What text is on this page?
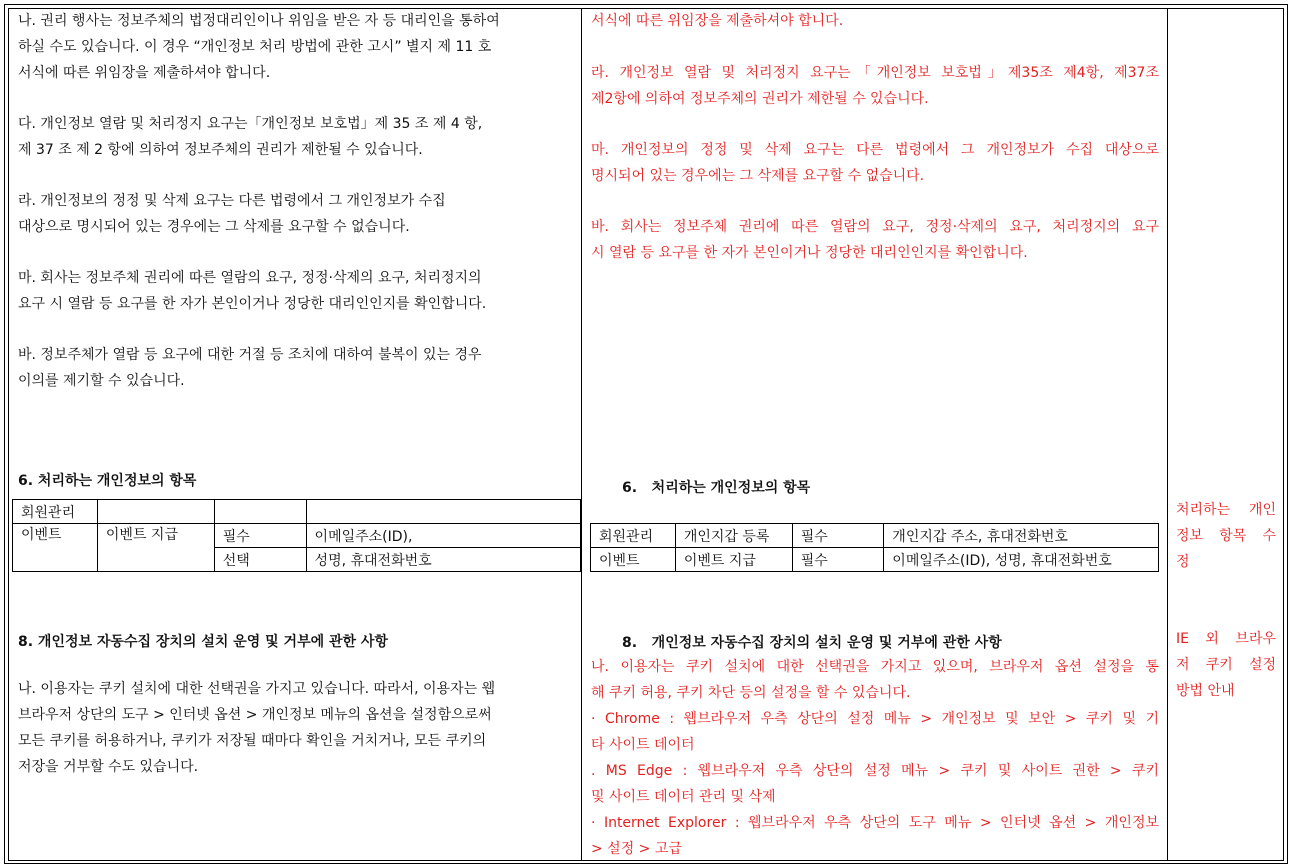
나. 권리 행사는 정보주체의 법정대리인이나 위임을 받은 자 등 대리인을 통하여

하실 수도 있습니다. 이 경우 “개인정보 처리 방법에 관한 고시” 별지 제 11 호

서식에 따른 위임장을 제출하셔야 합니다.

다. 개인정보 열람 및 처리정지 요구는「개인정보 보호법」제 35 조 제 4 항,

제 37 조 제 2 항에 의하여 정보주체의 권리가 제한될 수 있습니다.

라. 개인정보의 정정 및 삭제 요구는 다른 법령에서 그 개인정보가 수집

대상으로 명시되어 있는 경우에는 그 삭제를 요구할 수 없습니다.

마. 회사는 정보주체 권리에 따른 열람의 요구, 정정·삭제의 요구, 처리정지의

요구 시 열람 등 요구를 한 자가 본인이거나 정당한 대리인인지를 확인합니다.

바. 정보주체가 열람 등 요구에 대한 거절 등 조치에 대하여 불복이 있는 경우

이의를 제기할 수 있습니다.

6. 처리하는 개인정보의 항목
8. 개인정보 자동수집 장치의 설치 운영 및 거부에 관한 사항

나. 이용자는 쿠키 설치에 대한 선택권을 가지고 있습니다. 따라서, 이용자는 웹

브라우저 상단의 도구 > 인터넷 옵션 > 개인정보 메뉴의 옵션을 설정함으로써

모든 쿠키를 허용하거나, 쿠키가 저장될 때마다 확인을 거치거나, 모든 쿠키의

저장을 거부할 수도 있습니다.

회원관리			
이벤트	이벤트 지급	필수	이메일주소(ID),
		선택	성명, 휴대전화번호

서식에 따른 위임장을 제출하셔야 합니다.

라. 개인정보 열람 및 처리정지 요구는「개인정보 보호법」제35조 제4항, 제37조

제2항에 의하여 정보주체의 권리가 제한될 수 있습니다.

마. 개인정보의 정정 및 삭제 요구는 다른 법령에서 그 개인정보가 수집 대상으로

명시되어 있는 경우에는 그 삭제를 요구할 수 없습니다.

바. 회사는 정보주체 권리에 따른 열람의 요구, 정정·삭제의 요구, 처리정지의 요구

시 열람 등 요구를 한 자가 본인이거나 정당한 대리인인지를 확인합니다.

6.   처리하는 개인정보의 항목
8.   개인정보 자동수집 장치의 설치 운영 및 거부에 관한 사항

나. 이용자는 쿠키 설치에 대한 선택권을 가지고 있으며, 브라우저 옵션 설정을 통

해 쿠키 허용, 쿠키 차단 등의 설정을 할 수 있습니다.

· Chrome : 웹브라우저 우측 상단의 설정 메뉴 > 개인정보 및 보안 > 쿠키 및 기

타 사이트 데이터

. MS Edge : 웹브라우저 우측 상단의 설정 메뉴 > 쿠키 및 사이트 권한 > 쿠키

및 사이트 데이터 관리 및 삭제

· Internet Explorer : 웹브라우저 우측 상단의 도구 메뉴 > 인터넷 옵션 > 개인정보

> 설정 > 고급

회원관리	개인지갑 등록	필수	개인지갑 주소, 휴대전화번호
이벤트	이벤트 지급	필수	이메일주소(ID), 성명, 휴대전화번호

처리하는 개인

정보 항목 수

정

IE 외 브라우

저 쿠키 설정

방법 안내
